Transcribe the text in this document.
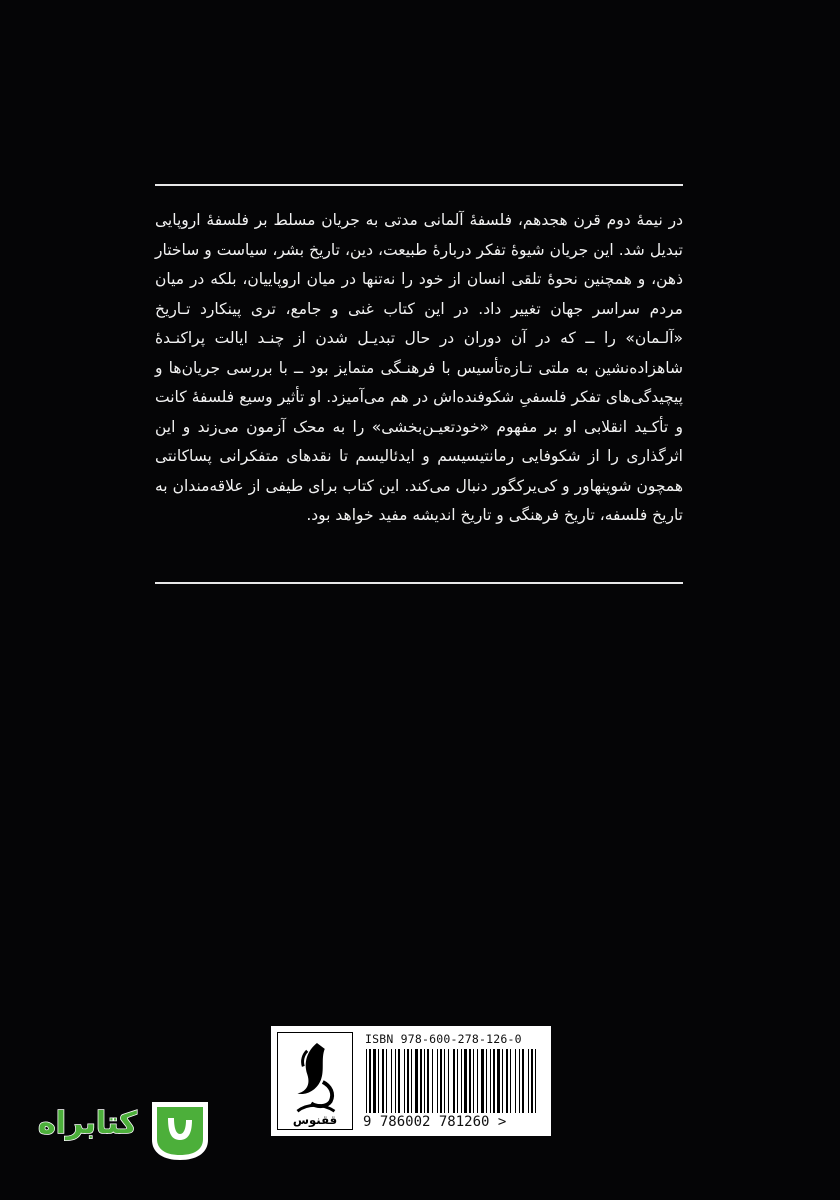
در نیمهٔ دوم قرن هجدهم، فلسفهٔ آلمانی مدتی به جریان مسلط بر فلسفهٔ اروپایی تبدیل شد. این جریان شیوهٔ تفکر دربارهٔ طبیعت، دین، تاریخ بشر، سیاست و ساختار ذهن، و همچنین نحوهٔ تلقی انسان از خود را نه‌تنها در میان اروپاییان، بلکه در میان مردم سراسر جهان تغییر داد. در این کتاب غنی و جامع، تری پینکارد تـاریخ «آلـمان» را ــ که در آن دوران در حال تبدیـل شدن از چنـد ایالت پراکنـدهٔ شاهزاده‌نشین به ملتی تـازه‌تأسیس با فرهنـگی متمایز بود ــ با بررسی جریان‌ها و پیچیدگی‌های تفکر فلسفیِ شکوفنده‌اش در هم می‌آمیزد. او تأثیر وسیع فلسفهٔ کانت و تأکـید انقلابی او بر مفهوم «خودتعیـن‌بخشی» را به محک آزمون می‌زند و این اثرگذاری را از شکوفایی رمانتیسیسم و ایدئالیسم تا نقدهای متفکرانی پساکانتی همچون شوپنهاور و کی‌یرکگور دنبال می‌کند. این کتاب برای طیفی از علاقه‌مندان به تاریخ فلسفه، تاریخ فرهنگی و تاریخ اندیشه مفید خواهد بود.

ققنوس
ISBN 978-600-278-126-0
9 786002 781260 >
کتابراه
